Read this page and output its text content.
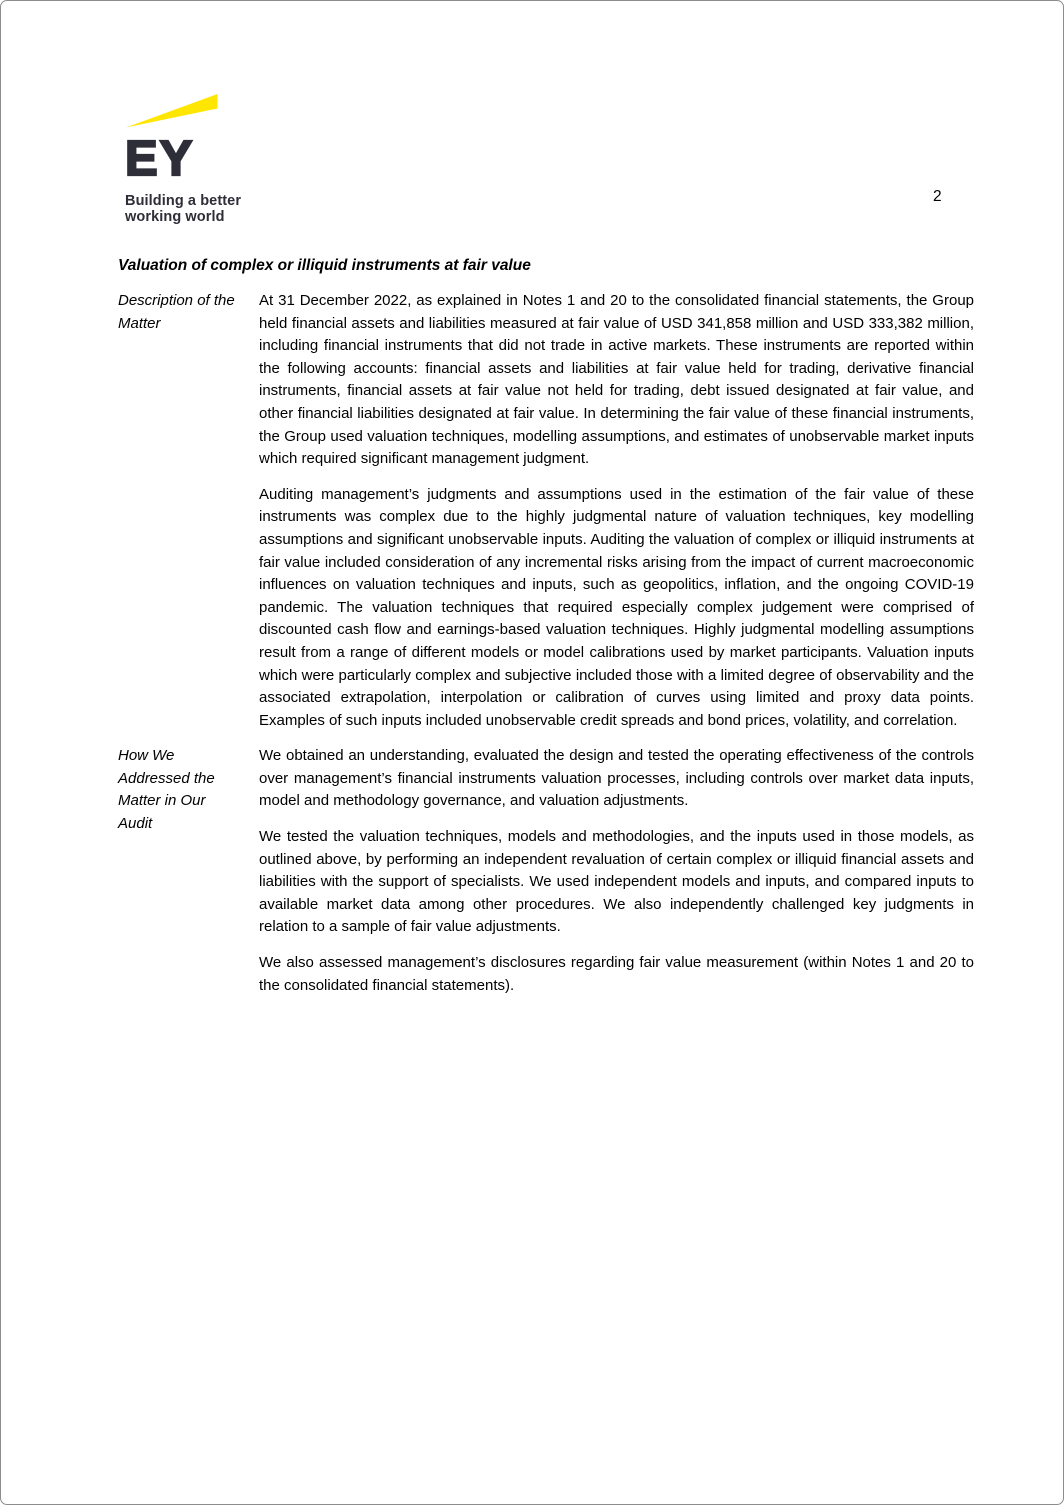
EY
Building a better
working world
2
Valuation of complex or illiquid instruments at fair value
Description of the Matter

At 31 December 2022, as explained in Notes 1 and 20 to the consolidated financial statements, the Group held financial assets and liabilities measured at fair value of USD 341,858 million and USD 333,382 million, including financial instruments that did not trade in active markets. These instruments are reported within the following accounts: financial assets and liabilities at fair value held for trading, derivative financial instruments, financial assets at fair value not held for trading, debt issued designated at fair value, and other financial liabilities designated at fair value. In determining the fair value of these financial instruments, the Group used valuation techniques, modelling assumptions, and estimates of unobservable market inputs which required significant management judgment.

Auditing management’s judgments and assumptions used in the estimation of the fair value of these instruments was complex due to the highly judgmental nature of valuation techniques, key modelling assumptions and significant unobservable inputs. Auditing the valuation of complex or illiquid instruments at fair value included consideration of any incremental risks arising from the impact of current macroeconomic influences on valuation techniques and inputs, such as geopolitics, inflation, and the ongoing COVID-19 pandemic. The valuation techniques that required especially complex judgement were comprised of discounted cash flow and earnings-based valuation techniques. Highly judgmental modelling assumptions result from a range of different models or model calibrations used by market participants. Valuation inputs which were particularly complex and subjective included those with a limited degree of observability and the associated extrapolation, interpolation or calibration of curves using limited and proxy data points. Examples of such inputs included unobservable credit spreads and bond prices, volatility, and correlation.

How We Addressed the Matter in Our Audit

We obtained an understanding, evaluated the design and tested the operating effectiveness of the controls over management’s financial instruments valuation processes, including controls over market data inputs, model and methodology governance, and valuation adjustments.

We tested the valuation techniques, models and methodologies, and the inputs used in those models, as outlined above, by performing an independent revaluation of certain complex or illiquid financial assets and liabilities with the support of specialists. We used independent models and inputs, and compared inputs to available market data among other procedures. We also independently challenged key judgments in relation to a sample of fair value adjustments.

We also assessed management’s disclosures regarding fair value measurement (within Notes 1 and 20 to the consolidated financial statements).
